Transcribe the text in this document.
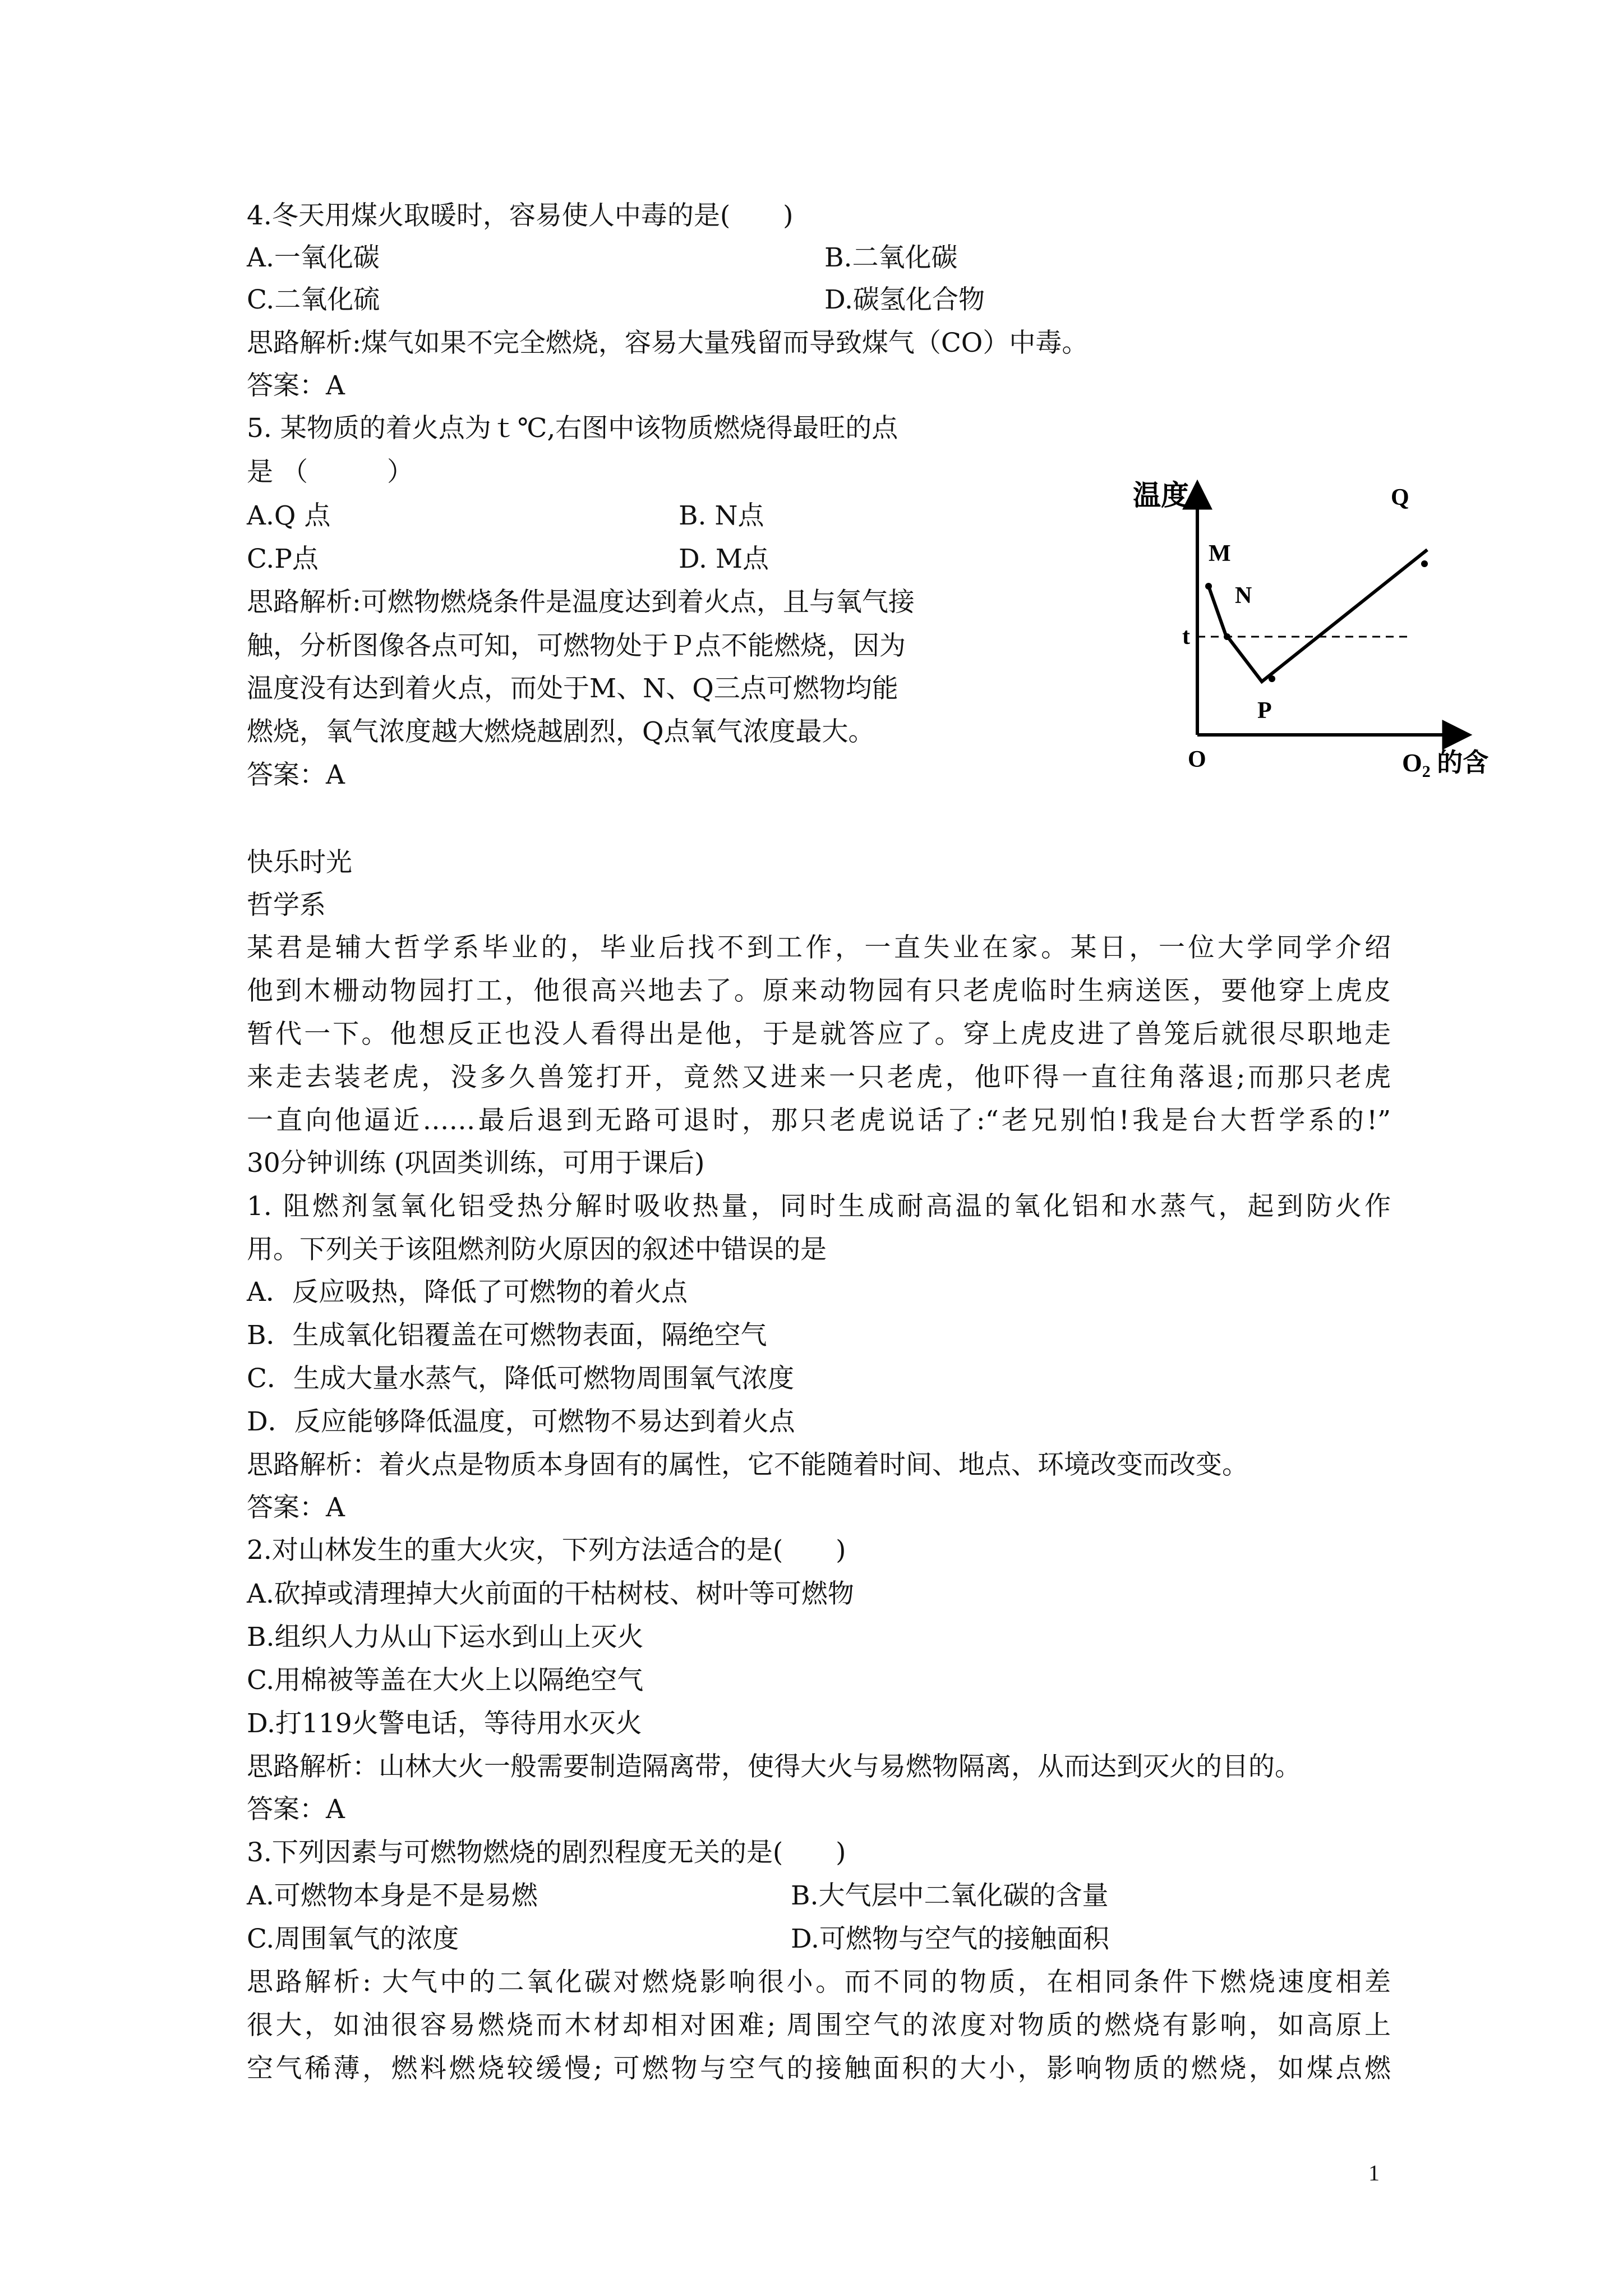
4.冬天用煤火取暖时，容易使人中毒的是(　　)
A.一氧化碳	B.二氧化碳
C.二氧化硫	D.碳氢化合物
思路解析:煤气如果不完全燃烧，容易大量残留而导致煤气（CO）中毒。
答案：A
5. 某物质的着火点为ｔ℃,右图中该物质燃烧得最旺的点
是 （　　　）
A.Q 点	B. N点
C.P点	D. M点
思路解析:可燃物燃烧条件是温度达到着火点，且与氧气接
触，分析图像各点可知，可燃物处于Ｐ点不能燃烧，因为
温度没有达到着火点，而处于M、N、Q三点可燃物均能
燃烧，氧气浓度越大燃烧越剧烈，Q点氧气浓度最大。
答案：A
温度
M
N
P
Q
t
O	$O_2$ 的含
快乐时光
哲学系
某君是辅大哲学系毕业的，毕业后找不到工作，一直失业在家。某日，一位大学同学介绍
他到木栅动物园打工，他很高兴地去了。原来动物园有只老虎临时生病送医，要他穿上虎皮
暂代一下。他想反正也没人看得出是他，于是就答应了。穿上虎皮进了兽笼后就很尽职地走
来走去装老虎，没多久兽笼打开，竟然又进来一只老虎，他吓得一直往角落退;而那只老虎
一直向他逼近……最后退到无路可退时，那只老虎说话了:“老兄别怕!我是台大哲学系的!”
30分钟训练 (巩固类训练，可用于课后)
1. 阻燃剂氢氧化铝受热分解时吸收热量，同时生成耐高温的氧化铝和水蒸气，起到防火作
用。下列关于该阻燃剂防火原因的叙述中错误的是
A．反应吸热，降低了可燃物的着火点
B．生成氧化铝覆盖在可燃物表面，隔绝空气
C．生成大量水蒸气，降低可燃物周围氧气浓度
D．反应能够降低温度，可燃物不易达到着火点
思路解析：着火点是物质本身固有的属性，它不能随着时间、地点、环境改变而改变。
答案：A
2.对山林发生的重大火灾，下列方法适合的是(　　)
A.砍掉或清理掉大火前面的干枯树枝、树叶等可燃物
B.组织人力从山下运水到山上灭火
C.用棉被等盖在大火上以隔绝空气
D.打119火警电话，等待用水灭火
思路解析：山林大火一般需要制造隔离带，使得大火与易燃物隔离，从而达到灭火的目的。
答案：A
3.下列因素与可燃物燃烧的剧烈程度无关的是(　　)
A.可燃物本身是不是易燃	B.大气层中二氧化碳的含量
C.周围氧气的浓度	D.可燃物与空气的接触面积
思路解析: 大气中的二氧化碳对燃烧影响很小。而不同的物质，在相同条件下燃烧速度相差
很大，如油很容易燃烧而木材却相对困难; 周围空气的浓度对物质的燃烧有影响，如高原上
空气稀薄，燃料燃烧较缓慢; 可燃物与空气的接触面积的大小，影响物质的燃烧，如煤点燃
1
